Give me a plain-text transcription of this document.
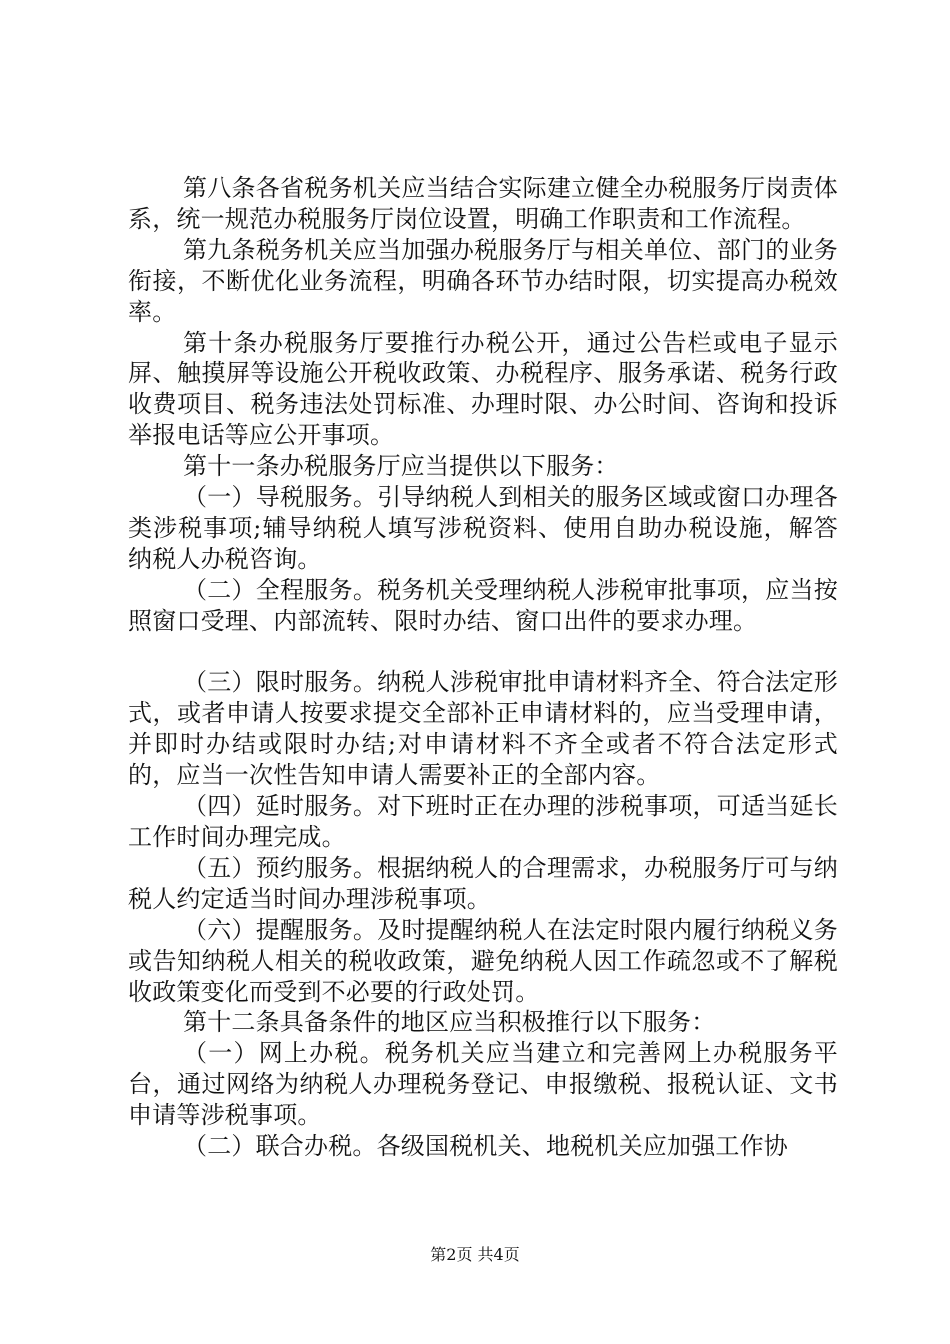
第八条各省税务机关应当结合实际建立健全办税服务厅岗责体系，统一规范办税服务厅岗位设置，明确工作职责和工作流程。

第九条税务机关应当加强办税服务厅与相关单位、部门的业务衔接，不断优化业务流程，明确各环节办结时限，切实提高办税效率。

第十条办税服务厅要推行办税公开，通过公告栏或电子显示屏、触摸屏等设施公开税收政策、办税程序、服务承诺、税务行政收费项目、税务违法处罚标准、办理时限、办公时间、咨询和投诉举报电话等应公开事项。

第十一条办税服务厅应当提供以下服务：

（一）导税服务。引导纳税人到相关的服务区域或窗口办理各类涉税事项;辅导纳税人填写涉税资料、使用自助办税设施，解答纳税人办税咨询。

（二）全程服务。税务机关受理纳税人涉税审批事项，应当按照窗口受理、内部流转、限时办结、窗口出件的要求办理。

（三）限时服务。纳税人涉税审批申请材料齐全、符合法定形式，或者申请人按要求提交全部补正申请材料的，应当受理申请，并即时办结或限时办结;对申请材料不齐全或者不符合法定形式的，应当一次性告知申请人需要补正的全部内容。

（四）延时服务。对下班时正在办理的涉税事项，可适当延长工作时间办理完成。

（五）预约服务。根据纳税人的合理需求，办税服务厅可与纳税人约定适当时间办理涉税事项。

（六）提醒服务。及时提醒纳税人在法定时限内履行纳税义务或告知纳税人相关的税收政策，避免纳税人因工作疏忽或不了解税收政策变化而受到不必要的行政处罚。

第十二条具备条件的地区应当积极推行以下服务：

（一）网上办税。税务机关应当建立和完善网上办税服务平台，通过网络为纳税人办理税务登记、申报缴税、报税认证、文书申请等涉税事项。

（二）联合办税。各级国税机关、地税机关应加强工作协

第2页 共4页
